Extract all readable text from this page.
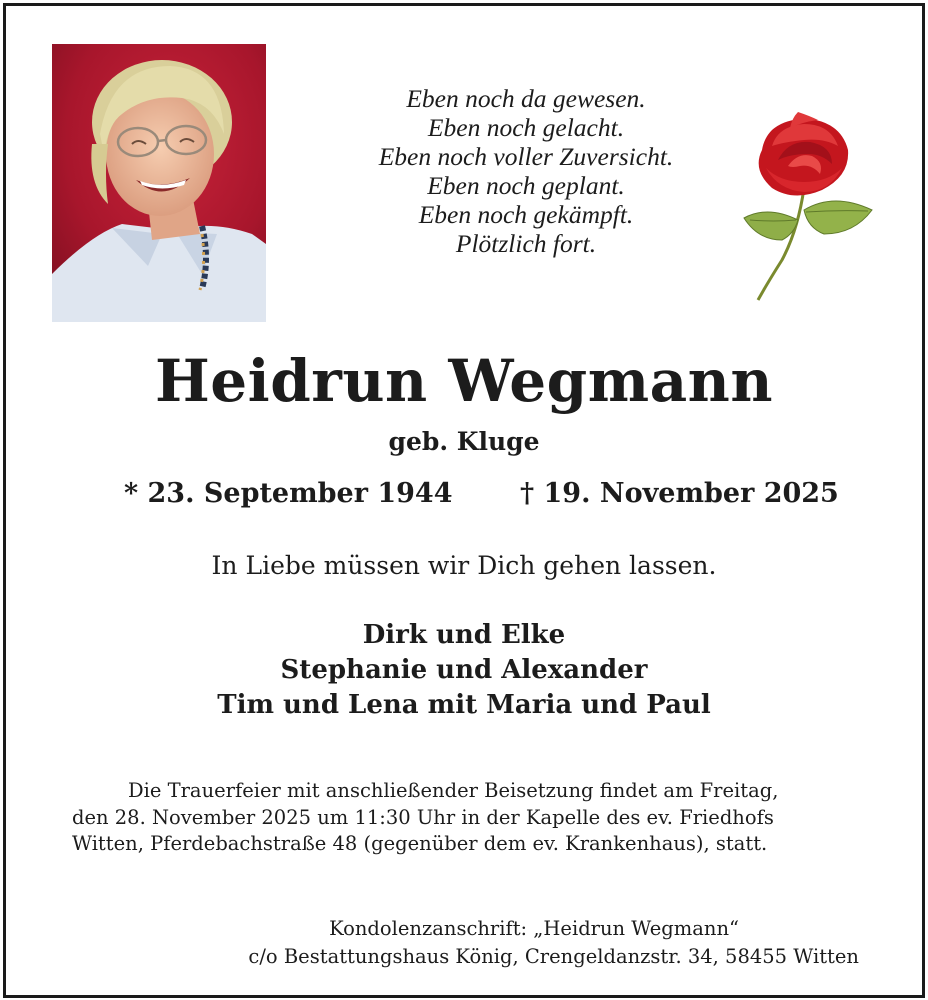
Eben noch da gewesen.
Eben noch gelacht.
Eben noch voller Zuversicht.
Eben noch geplant.
Eben noch gekämpft.
Plötzlich fort.
Heidrun Wegmann
geb. Kluge
* 23. September 1944	† 19. November 2025
In Liebe müssen wir Dich gehen lassen.
Dirk und Elke
Stephanie und Alexander
Tim und Lena mit Maria und Paul
Die Trauerfeier mit anschließender Beisetzung findet am Freitag,
den 28. November 2025 um 11:30 Uhr in der Kapelle des ev. Friedhofs
Witten, Pferdebachstraße 48 (gegenüber dem ev. Krankenhaus), statt.
Kondolenzanschrift: „Heidrun Wegmann“
c/o Bestattungshaus König, Crengeldanzstr. 34, 58455 Witten
